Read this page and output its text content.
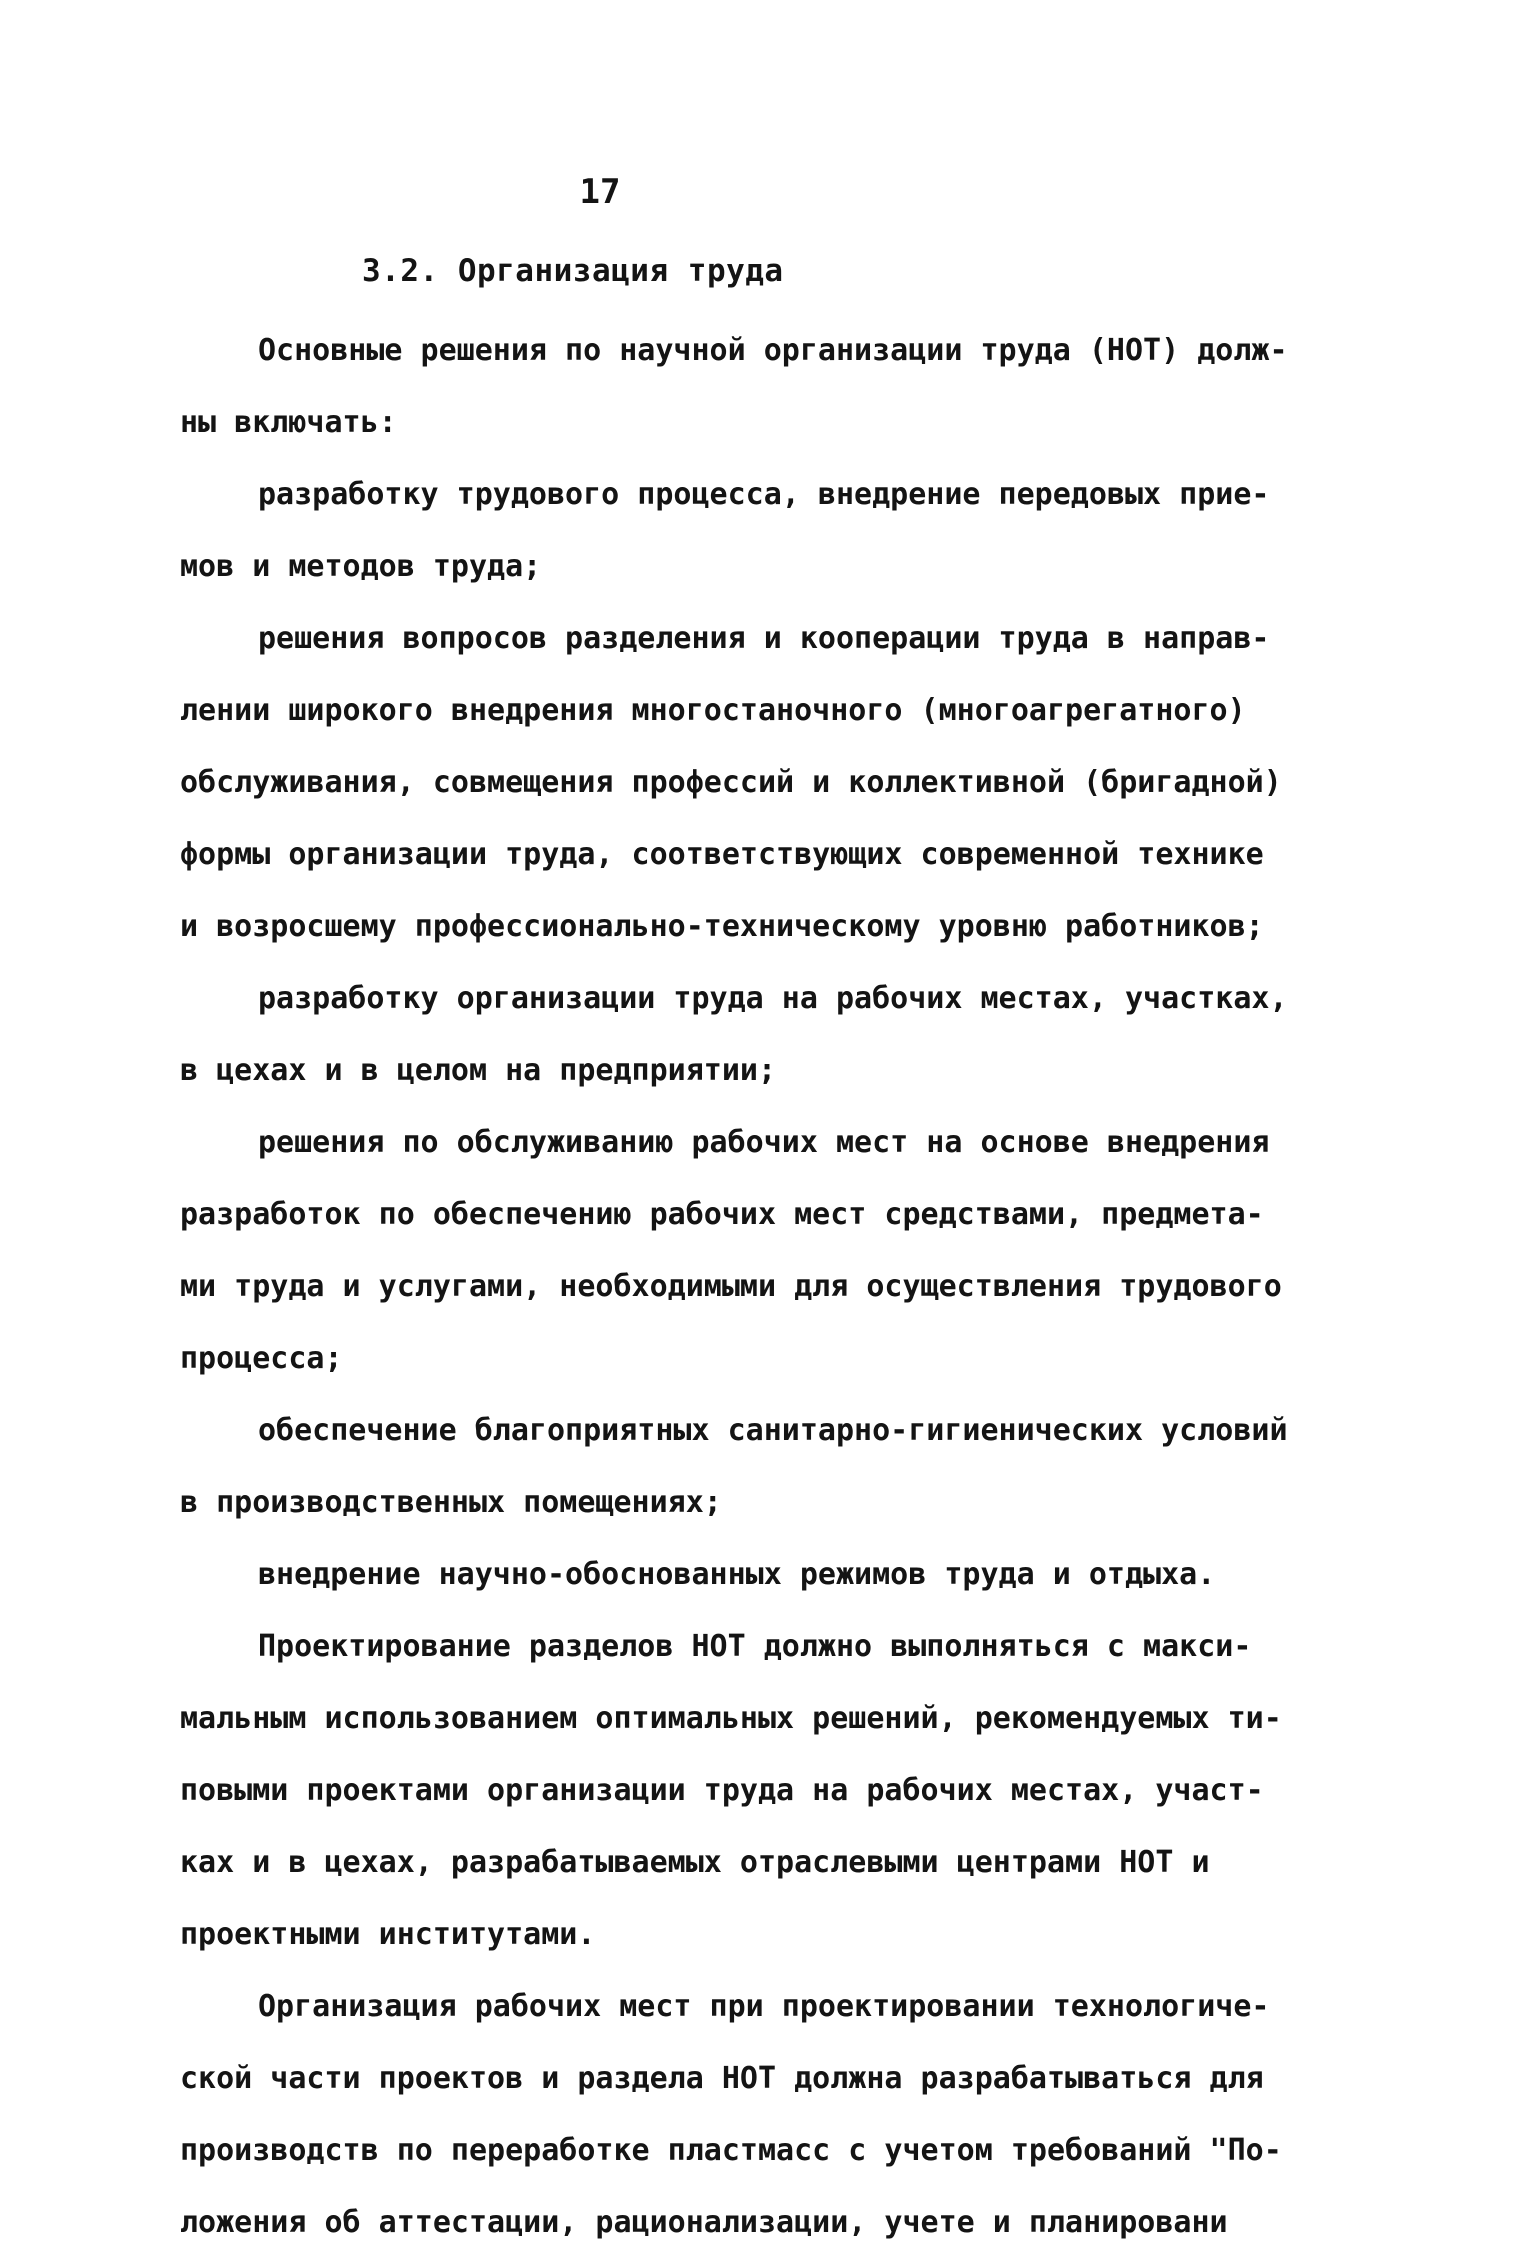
17
3.2. Организация труда
Основные решения по научной организации труда (НОТ) долж-
ны включать:
разработку трудового процесса, внедрение передовых прие-
мов и методов труда;
решения вопросов разделения и кооперации труда в направ-
лении широкого внедрения многостаночного (многоагрегатного)
обслуживания, совмещения профессий и коллективной (бригадной)
формы организации труда, соответствующих современной технике
и возросшему профессионально-техническому уровню работников;
разработку организации труда на рабочих местах, участках,
в цехах и в целом на предприятии;
решения по обслуживанию рабочих мест на основе внедрения
разработок по обеспечению рабочих мест средствами, предмета-
ми труда и услугами, необходимыми для осуществления трудового
процесса;
обеспечение благоприятных санитарно-гигиенических условий
в производственных помещениях;
внедрение научно-обоснованных режимов труда и отдыха.
Проектирование разделов НОТ должно выполняться с макси-
мальным использованием оптимальных решений, рекомендуемых ти-
повыми проектами организации труда на рабочих местах, участ-
ках и в цехах, разрабатываемых отраслевыми центрами НОТ и
проектными институтами.
Организация рабочих мест при проектировании технологиче-
ской части проектов и раздела НОТ должна разрабатываться для
производств по переработке пластмасс с учетом требований "По-
ложения об аттестации, рационализации, учете и планировани
